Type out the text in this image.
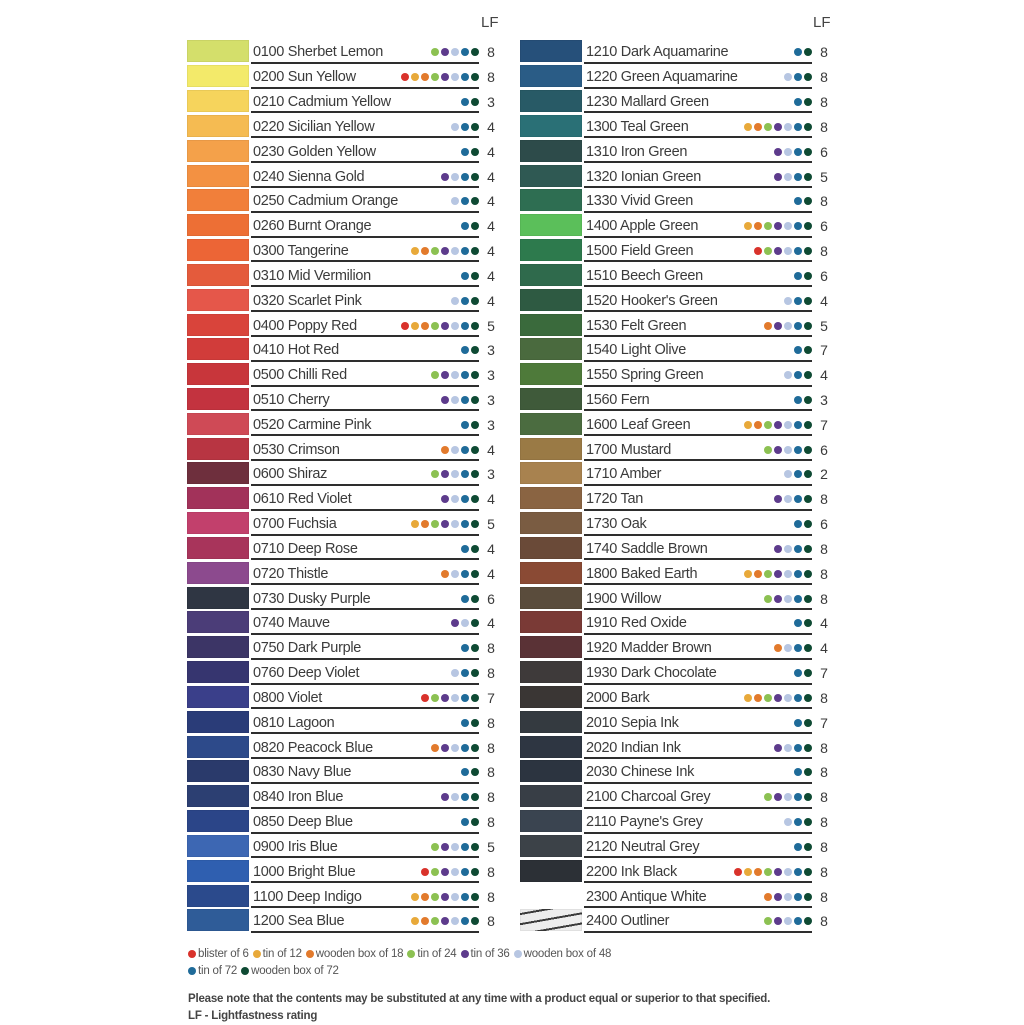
LF
0100 Sherbet Lemon	8
0200 Sun Yellow	8
0210 Cadmium Yellow	3
0220 Sicilian Yellow	4
0230 Golden Yellow	4
0240 Sienna Gold	4
0250 Cadmium Orange	4
0260 Burnt Orange	4
0300 Tangerine	4
0310 Mid Vermilion	4
0320 Scarlet Pink	4
0400 Poppy Red	5
0410 Hot Red	3
0500 Chilli Red	3
0510 Cherry	3
0520 Carmine Pink	3
0530 Crimson	4
0600 Shiraz	3
0610 Red Violet	4
0700 Fuchsia	5
0710 Deep Rose	4
0720 Thistle	4
0730 Dusky Purple	6
0740 Mauve	4
0750 Dark Purple	8
0760 Deep Violet	8
0800 Violet	7
0810 Lagoon	8
0820 Peacock Blue	8
0830 Navy Blue	8
0840 Iron Blue	8
0850 Deep Blue	8
0900 Iris Blue	5
1000 Bright Blue	8
1100 Deep Indigo	8
1200 Sea Blue	8
LF
1210 Dark Aquamarine	8
1220 Green Aquamarine	8
1230 Mallard Green	8
1300 Teal Green	8
1310 Iron Green	6
1320 Ionian Green	5
1330 Vivid Green	8
1400 Apple Green	6
1500 Field Green	8
1510 Beech Green	6
1520 Hooker's Green	4
1530 Felt Green	5
1540 Light Olive	7
1550 Spring Green	4
1560 Fern	3
1600 Leaf Green	7
1700 Mustard	6
1710 Amber	2
1720 Tan	8
1730 Oak	6
1740 Saddle Brown	8
1800 Baked Earth	8
1900 Willow	8
1910 Red Oxide	4
1920 Madder Brown	4
1930 Dark Chocolate	7
2000 Bark	8
2010 Sepia Ink	7
2020 Indian Ink	8
2030 Chinese Ink	8
2100 Charcoal Grey	8
2110 Payne's Grey	8
2120 Neutral Grey	8
2200 Ink Black	8
2300 Antique White	8
2400 Outliner	8
blister of 6 tin of 12 wooden box of 18 tin of 24 tin of 36 wooden box of 48

tin of 72 wooden box of 72
Please note that the contents may be substituted at any time with a product equal or superior to that specified.
LF - Lightfastness rating
